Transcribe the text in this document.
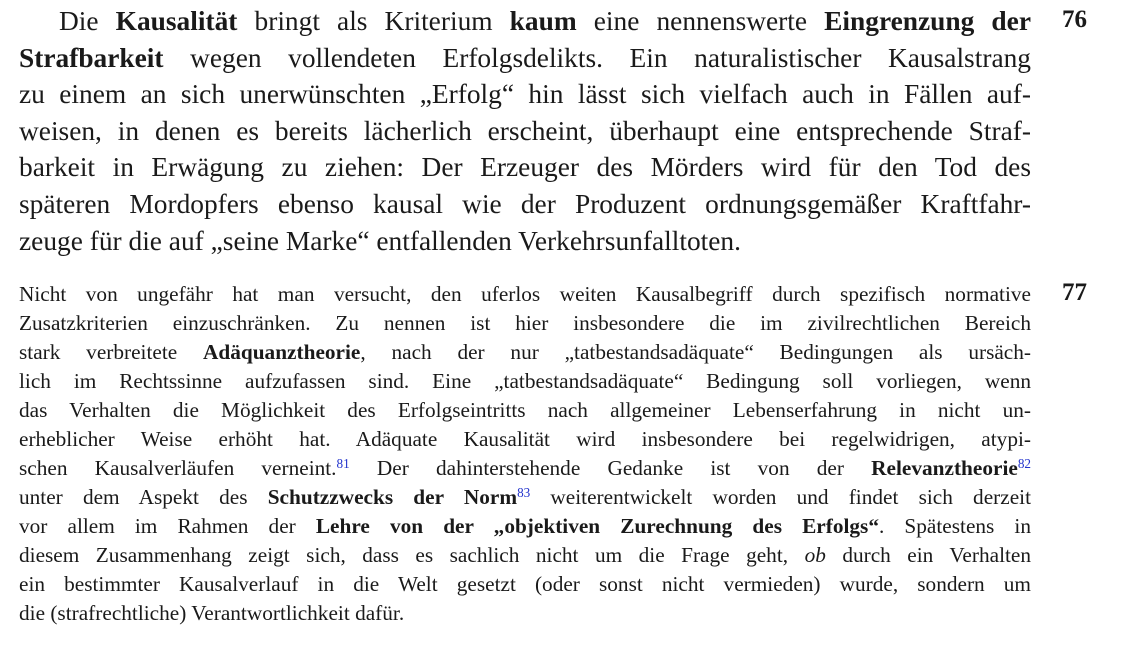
76
77
Die Kausalität bringt als Kriterium kaum eine nennenswerte Eingrenzung der
Strafbarkeit wegen vollendeten Erfolgsdelikts. Ein naturalistischer Kausalstrang
zu einem an sich unerwünschten „Erfolg“ hin lässt sich vielfach auch in Fällen auf-
weisen, in denen es bereits lächerlich erscheint, überhaupt eine entsprechende Straf-
barkeit in Erwägung zu ziehen: Der Erzeuger des Mörders wird für den Tod des
späteren Mordopfers ebenso kausal wie der Produzent ordnungsgemäßer Kraftfahr-
zeuge für die auf „seine Marke“ entfallenden Verkehrsunfalltoten.
Nicht von ungefähr hat man versucht, den uferlos weiten Kausalbegriff durch spezifisch normative
Zusatzkriterien einzuschränken. Zu nennen ist hier insbesondere die im zivilrechtlichen Bereich
stark verbreitete Adäquanztheorie, nach der nur „tatbestandsadäquate“ Bedingungen als ursäch-
lich im Rechtssinne aufzufassen sind. Eine „tatbestandsadäquate“ Bedingung soll vorliegen, wenn
das Verhalten die Möglichkeit des Erfolgseintritts nach allgemeiner Lebenserfahrung in nicht un-
erheblicher Weise erhöht hat. Adäquate Kausalität wird insbesondere bei regelwidrigen, atypi-
schen Kausalverläufen verneint.$^{81}$ Der dahinterstehende Gedanke ist von der Relevanztheorie$^{82}$
unter dem Aspekt des Schutzzwecks der Norm$^{83}$ weiterentwickelt worden und findet sich derzeit
vor allem im Rahmen der Lehre von der „objektiven Zurechnung des Erfolgs“. Spätestens in
diesem Zusammenhang zeigt sich, dass es sachlich nicht um die Frage geht, ob durch ein Verhalten
ein bestimmter Kausalverlauf in die Welt gesetzt (oder sonst nicht vermieden) wurde, sondern um
die (strafrechtliche) Verantwortlichkeit dafür.
